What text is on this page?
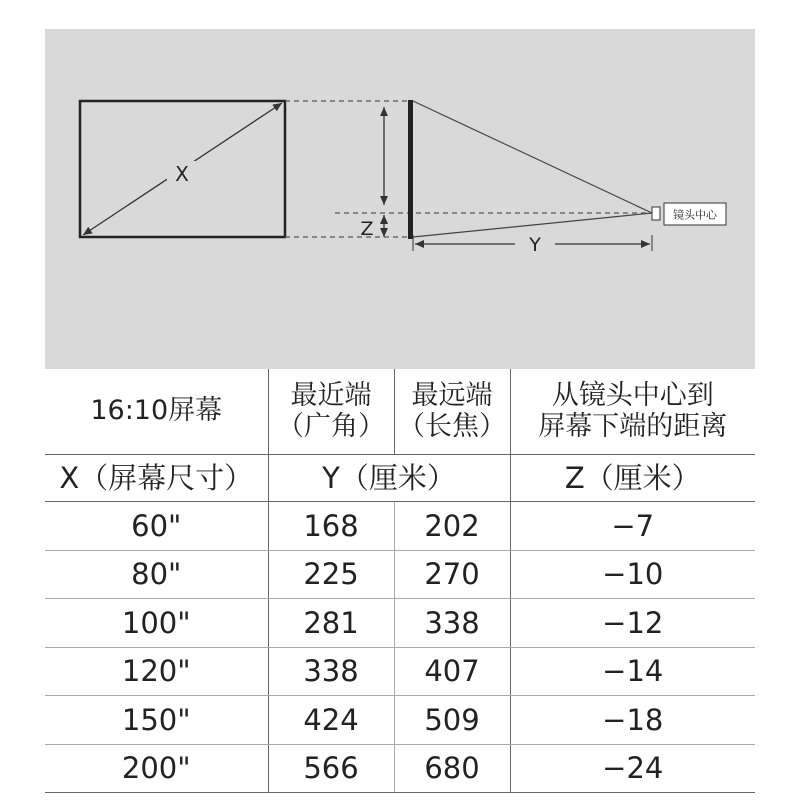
X
Z
镜头中心
Y
16:10屏幕	最近端
（广角）	最远端
（长焦）	从镜头中心到
屏幕下端的距离
X（屏幕尺寸）	Y（厘米）		Z（厘米）
60"	168	202	−7
80"	225	270	−10
100"	281	338	−12
120"	338	407	−14
150"	424	509	−18
200"	566	680	−24
